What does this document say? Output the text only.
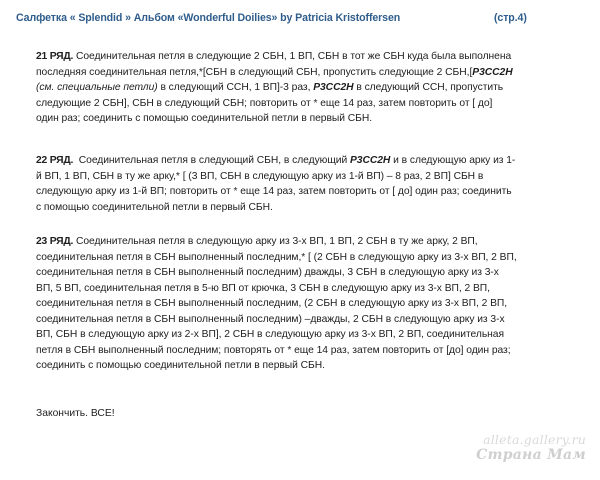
Салфетка « Splendid » Альбом «Wonderful Doilies» by Patricia Kristoffersen	(стр.4)
21 РЯД. Соединительная петля в следующие 2 СБН, 1 ВП, СБН в тот же СБН куда была выполнена
последняя соединительная петля,*[СБН в следующий СБН, пропустить следующие 2 СБН,[Р3СС2Н
(см. специальные петли) в следующий ССН, 1 ВП]-3 раз, Р3СС2Н в следующий ССН, пропустить
следующие 2 СБН], СБН в следующий СБН; повторить от * еще 14 раз, затем повторить от [ до]
один раз; соединить с помощью соединительной петли в первый СБН.
22 РЯД. Соединительная петля в следующий СБН, в следующий Р3СС2Н и в следующую арку из 1-
й ВП, 1 ВП, СБН в ту же арку,* [ (3 ВП, СБН в следующую арку из 1-й ВП) – 8 раз, 2 ВП] СБН в
следующую арку из 1-й ВП; повторить от * еще 14 раз, затем повторить от [ до] один раз; соединить
с помощью соединительной петли в первый СБН.
23 РЯД. Соединительная петля в следующую арку из 3-х ВП, 1 ВП, 2 СБН в ту же арку, 2 ВП,
соединительная петля в СБН выполненный последним,* [ (2 СБН в следующую арку из 3-х ВП, 2 ВП,
соединительная петля в СБН выполненный последним) дважды, 3 СБН в следующую арку из 3-х
ВП, 5 ВП, соединительная петля в 5-ю ВП от крючка, 3 СБН в следующую арку из 3-х ВП, 2 ВП,
соединительная петля в СБН выполненный последним, (2 СБН в следующую арку из 3-х ВП, 2 ВП,
соединительная петля в СБН выполненный последним) –дважды, 2 СБН в следующую арку из 3-х
ВП, СБН в следующую арку из 2-х ВП], 2 СБН в следующую арку из 3-х ВП, 2 ВП, соединительная
петля в СБН выполненный последним; повторять от * еще 14 раз, затем повторить от [до] один раз;
соединить с помощью соединительной петли в первый СБН.
Закончить. ВСЕ!
alleta.gallery.ru
Страна Мам
